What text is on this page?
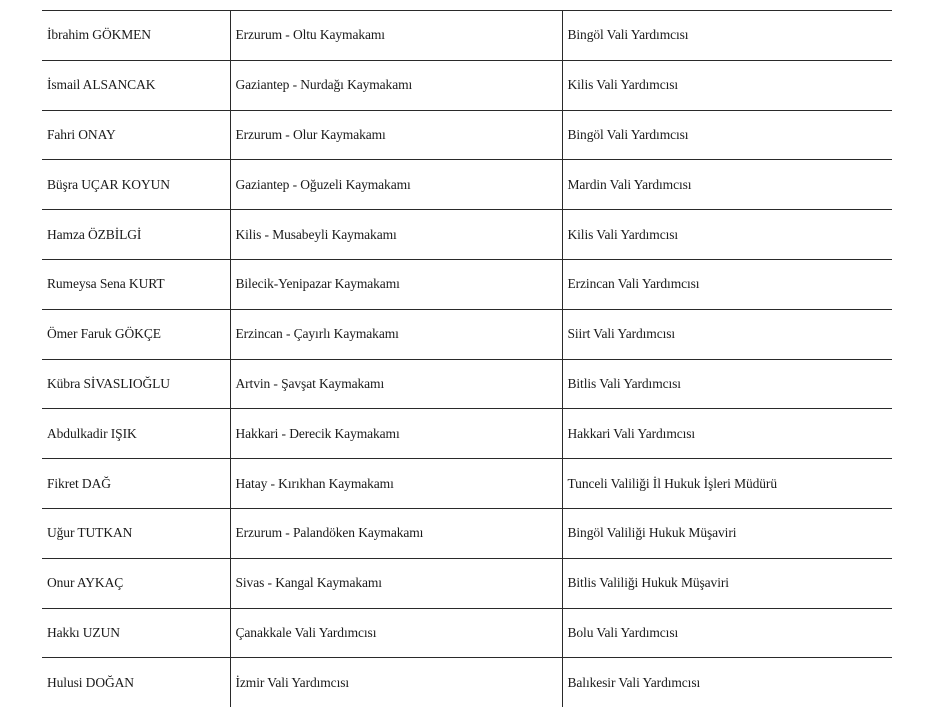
İbrahim GÖKMEN	Erzurum - Oltu Kaymakamı	Bingöl Vali Yardımcısı
İsmail ALSANCAK	Gaziantep - Nurdağı Kaymakamı	Kilis Vali Yardımcısı
Fahri ONAY	Erzurum - Olur Kaymakamı	Bingöl Vali Yardımcısı
Büşra UÇAR KOYUN	Gaziantep - Oğuzeli Kaymakamı	Mardin Vali Yardımcısı
Hamza ÖZBİLGİ	Kilis - Musabeyli Kaymakamı	Kilis Vali Yardımcısı
Rumeysa Sena KURT	Bilecik-Yenipazar Kaymakamı	Erzincan Vali Yardımcısı
Ömer Faruk GÖKÇE	Erzincan - Çayırlı Kaymakamı	Siirt Vali Yardımcısı
Kübra SİVASLIOĞLU	Artvin - Şavşat Kaymakamı	Bitlis Vali Yardımcısı
Abdulkadir IŞIK	Hakkari - Derecik Kaymakamı	Hakkari Vali Yardımcısı
Fikret DAĞ	Hatay - Kırıkhan Kaymakamı	Tunceli Valiliği İl Hukuk İşleri Müdürü
Uğur TUTKAN	Erzurum - Palandöken Kaymakamı	Bingöl Valiliği Hukuk Müşaviri
Onur AYKAÇ	Sivas - Kangal Kaymakamı	Bitlis Valiliği Hukuk Müşaviri
Hakkı UZUN	Çanakkale Vali Yardımcısı	Bolu Vali Yardımcısı
Hulusi DOĞAN	İzmir Vali Yardımcısı	Balıkesir Vali Yardımcısı
